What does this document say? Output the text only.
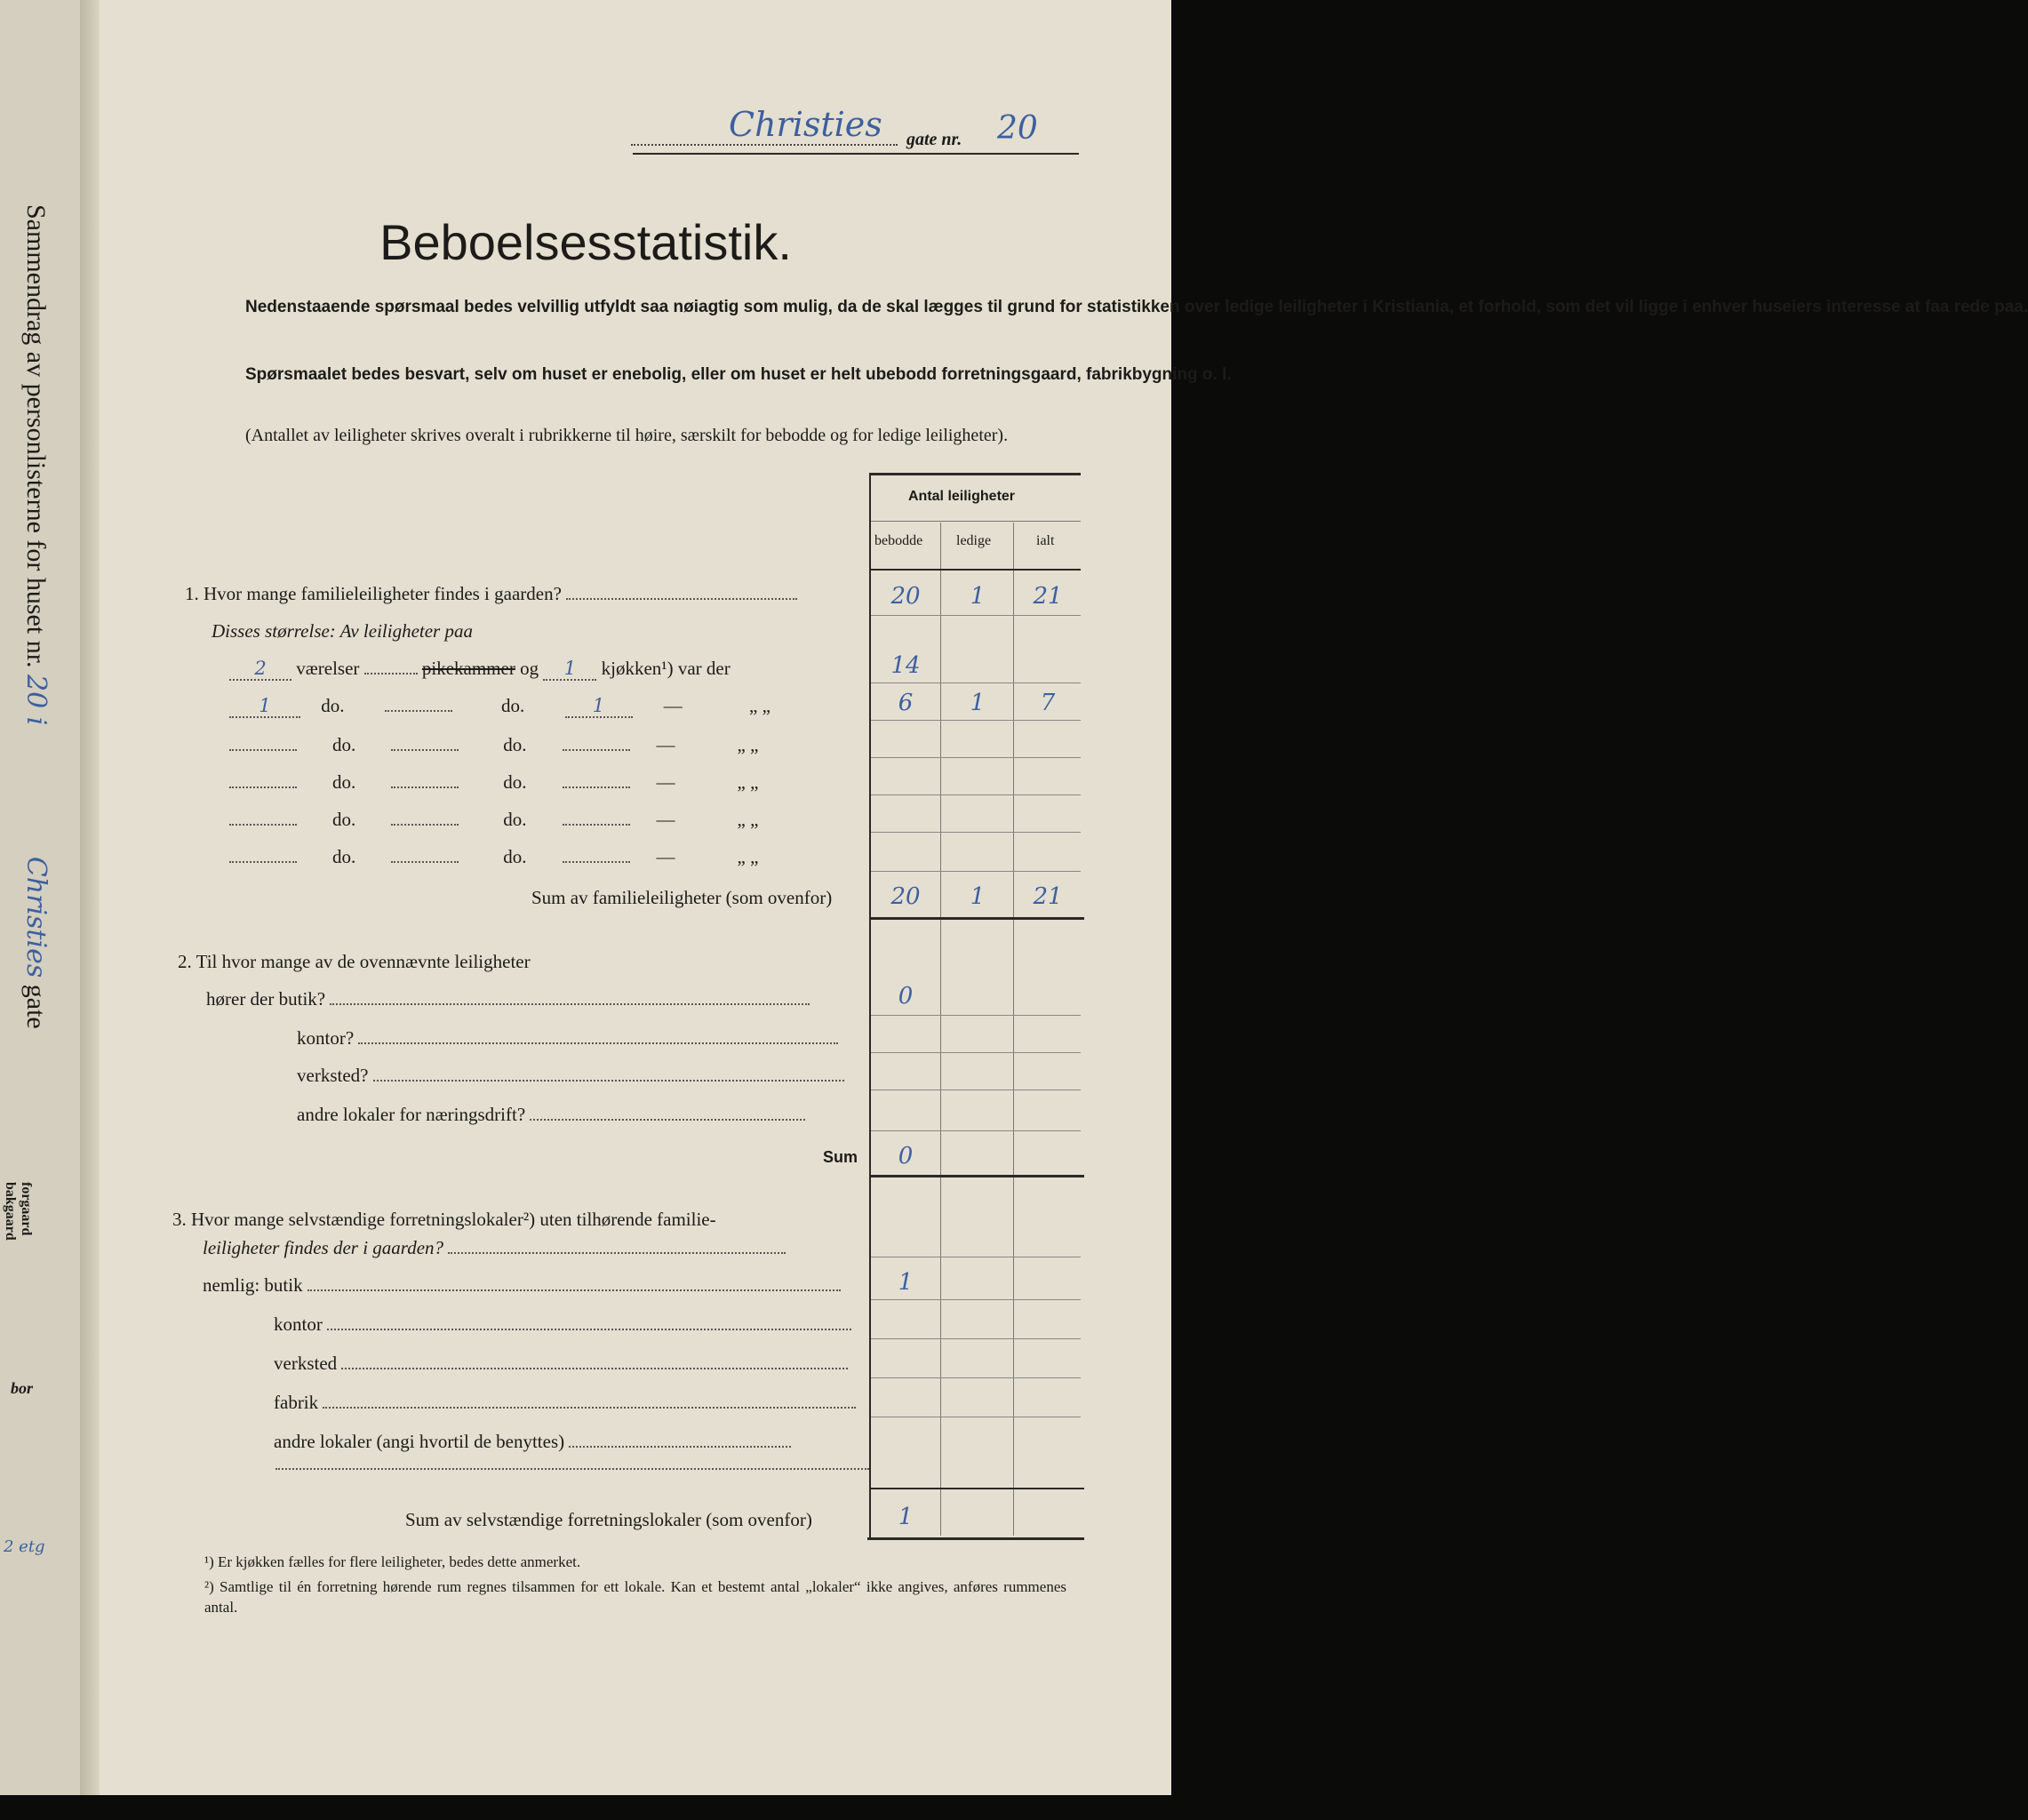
Sammendrag av personlisterne for huset nr. 20 i Christies gate
forgaard
bakgaard
bor
2 etg
Christies	gate nr. 20
Beboelsesstatistik.
Nedenstaaende spørsmaal bedes velvillig utfyldt saa nøiagtig som mulig, da de skal lægges til grund for statistikken over ledige leiligheter i Kristiania, et forhold, som det vil ligge i enhver huseiers interesse at faa rede paa.
Spørsmaalet bedes besvart, selv om huset er enebolig, eller om huset er helt ubebodd forretningsgaard, fabrikbygning o. l.
(Antallet av leiligheter skrives overalt i rubrikkerne til høire, særskilt for bebodde og for ledige leiligheter).
Antal leiligheter
bebodde ledige	ialt
1. Hvor mange familieleiligheter findes i gaarden?	20	1	21
Disses størrelse: Av leiligheter paa
2 værelser	pikekammer og 1 kjøkken¹) var der	14
1	do.	do.	1	—	„ „	6	1	7
do.	do.	—	„ „
do.	do.	—	„ „
do.	do.	—	„ „
do.	do.	—	„ „
Sum av familieleiligheter (som ovenfor)	20	1	21
2. Til hvor mange av de ovennævnte leiligheter
hører der butik?	0
kontor?
verksted?
andre lokaler for næringsdrift?
Sum	0
3. Hvor mange selvstændige forretningslokaler²) uten tilhørende familie-
leiligheter findes der i gaarden?
nemlig: butik	1
kontor
verksted
fabrik
andre lokaler (angi hvortil de benyttes)
Sum av selvstændige forretningslokaler (som ovenfor)	1
¹) Er kjøkken fælles for flere leiligheter, bedes dette anmerket.
²) Samtlige til én forretning hørende rum regnes tilsammen for ett lokale. Kan et bestemt antal „lokaler“ ikke angives, anføres rummenes antal.
